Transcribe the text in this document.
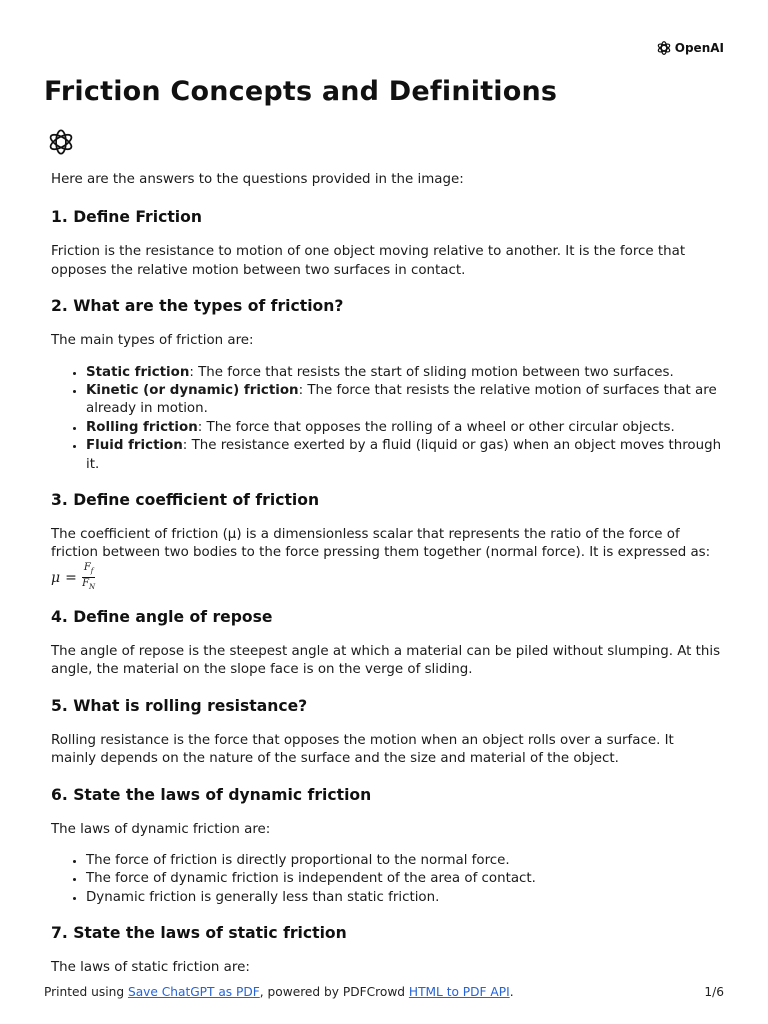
OpenAI
Friction Concepts and Definitions

Here are the answers to the questions provided in the image:

1. Define Friction

Friction is the resistance to motion of one object moving relative to another. It is the force that opposes the relative motion between two surfaces in contact.

2. What are the types of friction?

The main types of friction are:

• Static friction: The force that resists the start of sliding motion between two surfaces.
• Kinetic (or dynamic) friction: The force that resists the relative motion of surfaces that are already in motion.
• Rolling friction: The force that opposes the rolling of a wheel or other circular objects.
• Fluid friction: The resistance exerted by a fluid (liquid or gas) when an object moves through it.
3. Define coefficient of friction

The coefficient of friction (μ) is a dimensionless scalar that represents the ratio of the force of friction between two bodies to the force pressing them together (normal force). It is expressed as:

$\mu = \frac{F_f}{F_N}$
4. Define angle of repose

The angle of repose is the steepest angle at which a material can be piled without slumping. At this angle, the material on the slope face is on the verge of sliding.

5. What is rolling resistance?

Rolling resistance is the force that opposes the motion when an object rolls over a surface. It mainly depends on the nature of the surface and the size and material of the object.

6. State the laws of dynamic friction

The laws of dynamic friction are:

• The force of friction is directly proportional to the normal force.
• The force of dynamic friction is independent of the area of contact.
• Dynamic friction is generally less than static friction.
7. State the laws of static friction

The laws of static friction are:

Printed using Save ChatGPT as PDF, powered by PDFCrowd HTML to PDF API.	1/6
